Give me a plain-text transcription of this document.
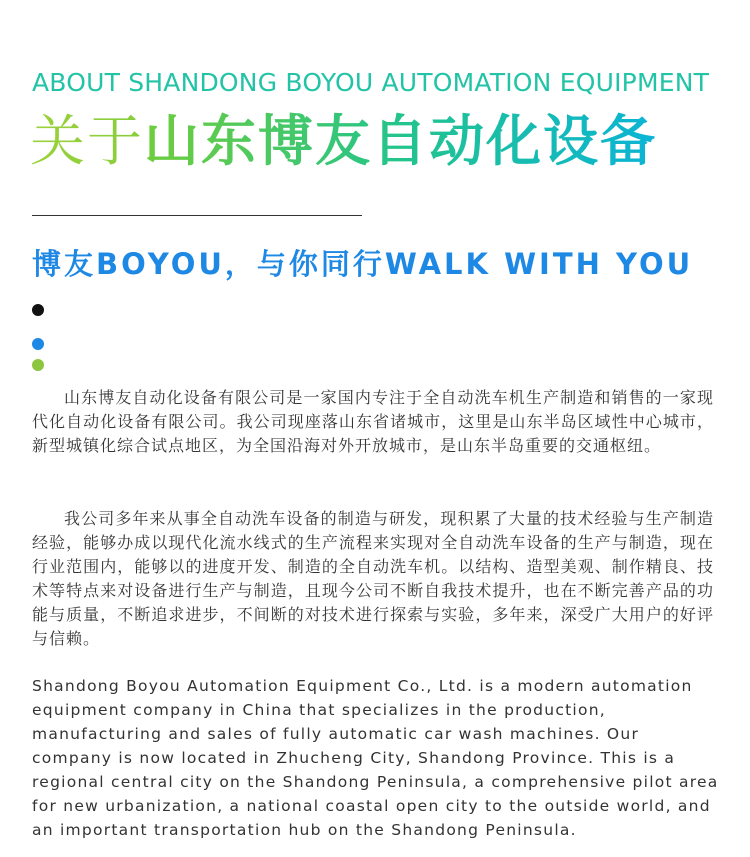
ABOUT SHANDONG BOYOU AUTOMATION EQUIPMENT
关于山东博友自动化设备
博友BOYOU，与你同行WALK WITH YOU

山东博友自动化设备有限公司是一家国内专注于全自动洗车机生产制造和销售的一家现代化自动化设备有限公司。我公司现座落山东省诸城市，这里是山东半岛区域性中心城市，新型城镇化综合试点地区，为全国沿海对外开放城市，是山东半岛重要的交通枢纽。

我公司多年来从事全自动洗车设备的制造与研发，现积累了大量的技术经验与生产制造经验，能够办成以现代化流水线式的生产流程来实现对全自动洗车设备的生产与制造，现在行业范围内，能够以的进度开发、制造的全自动洗车机。以结构、造型美观、制作精良、技术等特点来对设备进行生产与制造，且现今公司不断自我技术提升，也在不断完善产品的功能与质量，不断追求进步，不间断的对技术进行探索与实验，多年来，深受广大用户的好评与信赖。

Shandong Boyou Automation Equipment Co., Ltd. is a modern automation equipment company in China that specializes in the production, manufacturing and sales of fully automatic car wash machines. Our company is now located in Zhucheng City, Shandong Province. This is a regional central city on the Shandong Peninsula, a comprehensive pilot area for new urbanization, a national coastal open city to the outside world, and an important transportation hub on the Shandong Peninsula.
